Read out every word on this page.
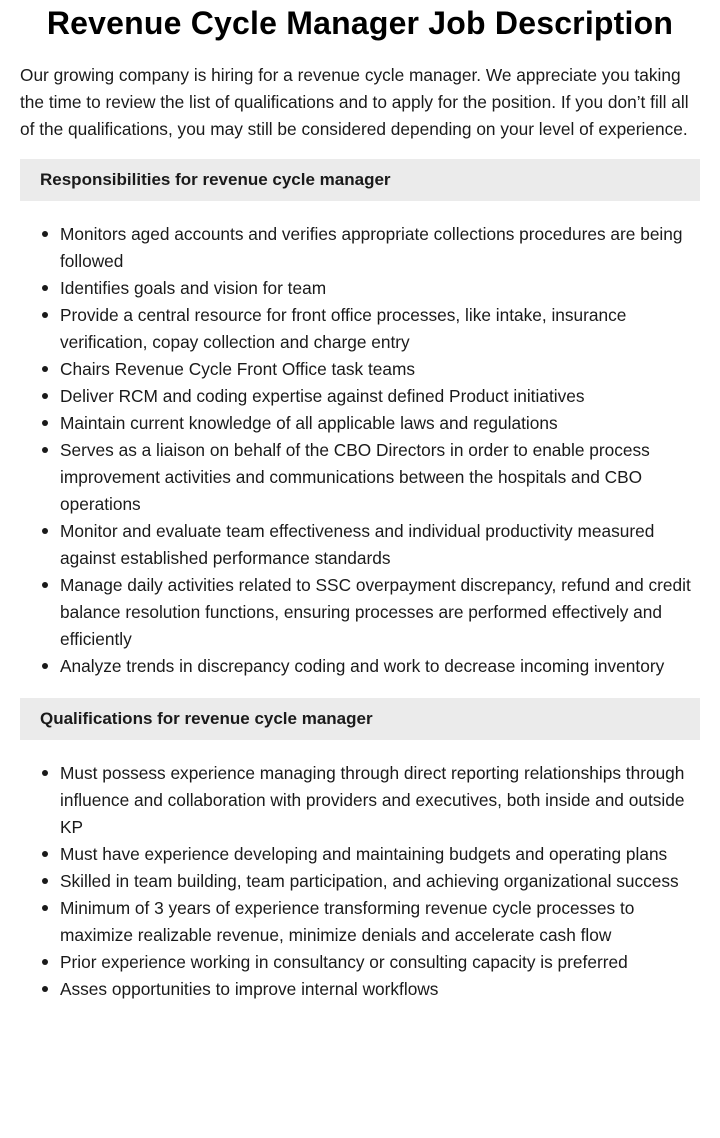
Revenue Cycle Manager Job Description

Our growing company is hiring for a revenue cycle manager. We appreciate you taking the time to review the list of qualifications and to apply for the position. If you don’t fill all of the qualifications, you may still be considered depending on your level of experience.

Responsibilities for revenue cycle manager
Monitors aged accounts and verifies appropriate collections procedures are being followed
Identifies goals and vision for team
Provide a central resource for front office processes, like intake, insurance verification, copay collection and charge entry
Chairs Revenue Cycle Front Office task teams
Deliver RCM and coding expertise against defined Product initiatives
Maintain current knowledge of all applicable laws and regulations
Serves as a liaison on behalf of the CBO Directors in order to enable process improvement activities and communications between the hospitals and CBO operations
Monitor and evaluate team effectiveness and individual productivity measured against established performance standards
Manage daily activities related to SSC overpayment discrepancy, refund and credit balance resolution functions, ensuring processes are performed effectively and efficiently
Analyze trends in discrepancy coding and work to decrease incoming inventory
Qualifications for revenue cycle manager
Must possess experience managing through direct reporting relationships through influence and collaboration with providers and executives, both inside and outside KP
Must have experience developing and maintaining budgets and operating plans
Skilled in team building, team participation, and achieving organizational success
Minimum of 3 years of experience transforming revenue cycle processes to maximize realizable revenue, minimize denials and accelerate cash flow
Prior experience working in consultancy or consulting capacity is preferred
Asses opportunities to improve internal workflows
